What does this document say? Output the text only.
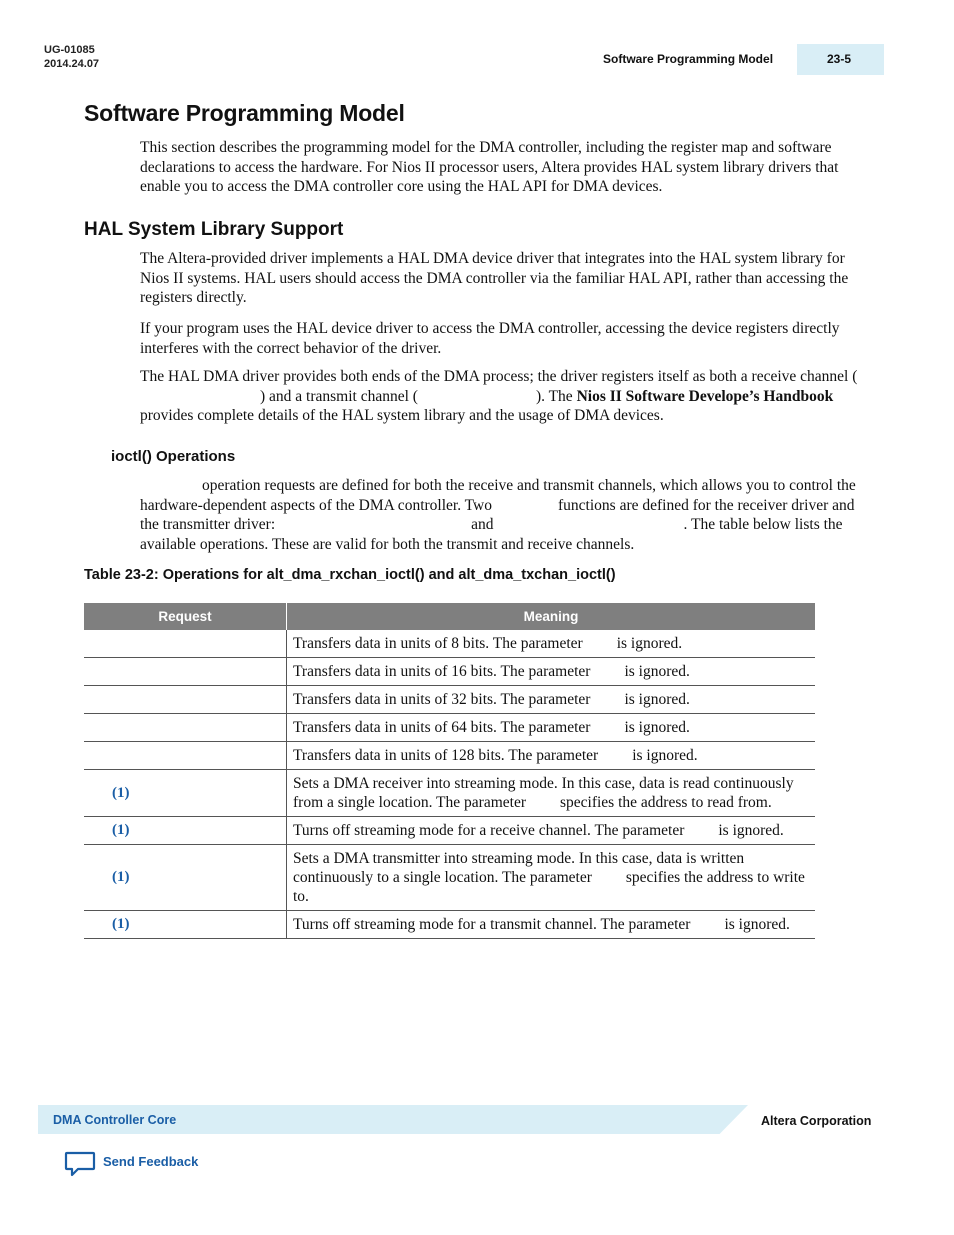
UG-01085
2014.24.07	Software Programming Model	23-5
Software Programming Model
This section describes the programming model for the DMA controller, including the register map and software declarations to access the hardware. For Nios II processor users, Altera provides HAL system library drivers that enable you to access the DMA controller core using the HAL API for DMA devices.
HAL System Library Support
The Altera-provided driver implements a HAL DMA device driver that integrates into the HAL system library for Nios II systems. HAL users should access the DMA controller via the familiar HAL API, rather than accessing the registers directly.
If your program uses the HAL device driver to access the DMA controller, accessing the device registers directly interferes with the correct behavior of the driver.
The HAL DMA driver provides both ends of the DMA process; the driver registers itself as both a receive channel () and a transmit channel (	). The Nios II Software Develope’s Handbook provides complete details of the HAL system library and the usage of DMA devices.
ioctl() Operations
operation requests are defined for both the receive and transmit channels, which allows you to control the hardware-dependent aspects of the DMA controller. Two	functions are defined for the receiver driver and the transmitter driver:	and	. The table below lists the available operations. These are valid for both the transmit and receive channels.
Table 23-2: Operations for alt_dma_rxchan_ioctl() and alt_dma_txchan_ioctl()
Request	Meaning
	Transfers data in units of 8 bits. The parameter is ignored.
	Transfers data in units of 16 bits. The parameter is ignored.
	Transfers data in units of 32 bits. The parameter is ignored.
	Transfers data in units of 64 bits. The parameter is ignored.
	Transfers data in units of 128 bits. The parameter is ignored.
(1)	Sets a DMA receiver into streaming mode. In this case, data is read continuously from a single location. The parameter specifies the address to read from.
(1)	Turns off streaming mode for a receive channel. The parameter is ignored.
(1)	Sets a DMA transmitter into streaming mode. In this case, data is written continuously to a single location. The parameter specifies the address to write to.
(1)	Turns off streaming mode for a transmit channel. The parameter is ignored.
DMA Controller Core	Altera Corporation
Send Feedback
